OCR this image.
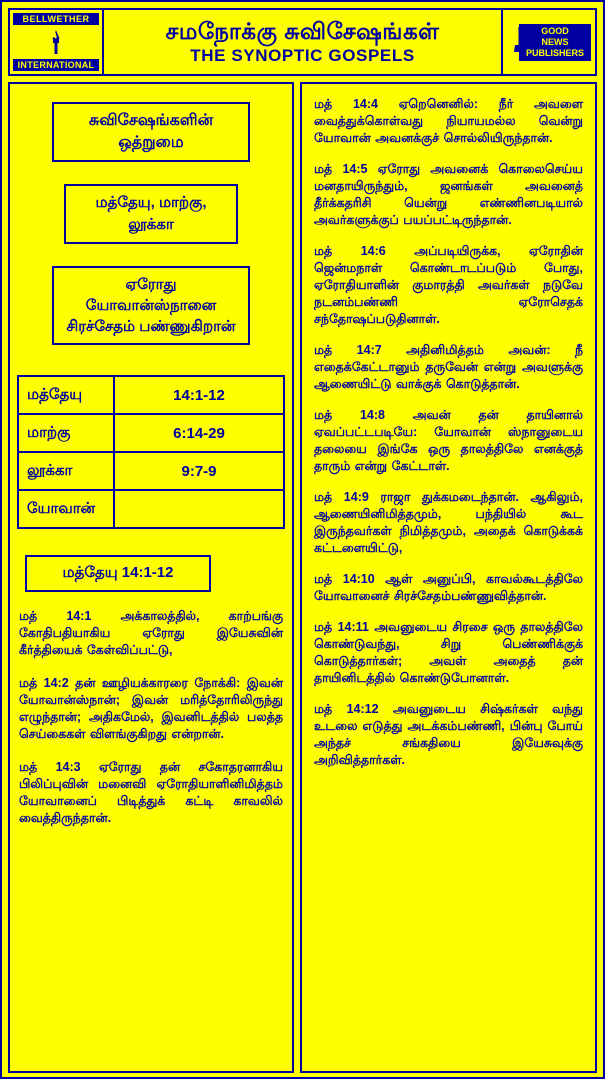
BELLWETHER
INTERNATIONAL
சமநோக்கு சுவிசேஷங்கள்
THE SYNOPTIC GOSPELS
GOOD
NEWS
PUBLISHERS
சுவிசேஷங்களின் ஒத்றுமை
மத்தேயு, மாற்கு, லூக்கா
ஏரோது யோவான்ஸ்நானை சிரச்சேதம் பண்ணுகிறான்
மத்தேயு	14:1-12
மாற்கு	6:14-29
லூக்கா	9:7-9
யோவான்	
மத்தேயு 14:1-12
மத் 14:1 அக்காலத்தில், காற்பங்கு கோதிபதியாகிய ஏரோது இயேசுவின் கீர்த்தியைக் கேள்விப்பட்டு,
மத் 14:2 தன் ஊழியக்காரரை நோக்கி: இவன் யோவான்ஸ்நான்; இவன் மரித்தோரிலிருந்து எழுந்தான்; அதிகமேல், இவனிடத்தில் பலத்த செய்கைகள் விளங்குகிறது என்றான்.
மத் 14:3 ஏரோது தன் சகோதரனாகிய பிலிப்புவின் மனைவி ஏரோதியாளினிமித்தம் யோவானைப் பிடித்துக் கட்டி காவலில் வைத்திருந்தான்.
மத் 14:4 ஏறெனெனில்: நீர் அவளை வைத்துக்கொள்வது நியாயமல்ல வென்று யோவான் அவனக்குச் சொல்லியிருந்தான்.
மத் 14:5 ஏரோது அவனைக் கொலைசெய்ய மனதாயிருந்தும், ஜனங்கள் அவனைத் தீர்க்கதரிசி யென்று எண்ணினபடியால் அவர்களுக்குப் பயப்பட்டிருந்தான்.
மத் 14:6 அப்படியிருக்க, ஏரோதின் ஜென்மநாள் கொண்டாடப்படும் போது, ஏரோதியாளின் குமாரத்தி அவர்கள் நடுவே நடனம்பண்ணி ஏரோசெதக் சந்தோஷப்படுதினாள்.
மத் 14:7 அதினிமித்தம் அவன்: நீ எதைக்கேட்டானும் தருவேன் என்று அவளுக்கு ஆணையிட்டு வாக்குக் கொடுத்தான்.
மத் 14:8 அவன் தன் தாயினால் ஏவப்பட்டபடியே: யோவான் ஸ்நானுடைய தலையை இங்கே ஒரு தாலத்திலே எனக்குத் தாரும் என்று கேட்டாள்.
மத் 14:9 ராஜா துக்கமடைந்தான். ஆகிலும், ஆணையினிமித்தமும், பந்தியில் கூட இருந்தவர்கள் நிமித்தமும், அதைக் கொடுக்கக் கட்டளையிட்டு,
மத் 14:10 ஆள் அனுப்பி, காவல்கூடத்திலே யோவானைச் சிரச்சேதம்பண்ணுவித்தான்.
மத் 14:11 அவனுடைய சிரசை ஒரு தாலத்திலே கொண்டுவந்து, சிறு பெண்ணிக்குக் கொடுத்தார்கள்; அவள் அதைத் தன் தாயினிடத்தில் கொண்டுபோனாள்.
மத் 14:12 அவனுடைய சிஷ்கர்கள் வந்து உடலை எடுத்து அடக்கம்பண்ணி, பின்பு போய் அந்தச் சங்கதியை இயேசுவுக்கு அறிவித்தார்கள்.
